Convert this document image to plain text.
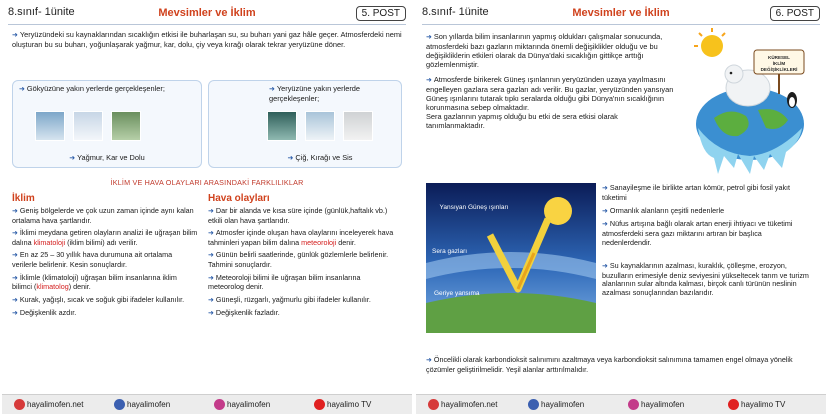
8.sınıf- 1ünite	Mevsimler ve İklim	5. POST

➜ Yeryüzündeki su kaynaklarından sıcaklığın etkisi ile buharlaşan su, su buharı yani gaz hâle geçer. Atmosferdeki nemi oluşturan bu su buharı, yoğunlaşarak yağmur, kar, dolu, çiy veya kırağı olarak tekrar yeryüzüne döner.

➜ Gökyüzüne yakın yerlerde gerçekleşenler;
➜ Yağmur, Kar ve Dolu
➜ Yeryüzüne yakın yerlerde gerçekleşenler;
➜ Çiğ, Kırağı ve Sis
İKLİM VE HAVA OLAYLARI ARASINDAKİ FARKLILIKLAR
İklim

➜ Geniş bölgelerde ve çok uzun zaman içinde aynı kalan ortalama hava şartlarıdır.

➜ İklimi meydana getiren olayların analizi ile uğraşan bilim dalına klimatoloji (iklim bilimi) adı verilir.

➜ En az 25 – 30 yıllık hava durumuna ait ortalama verilerle belirlenir. Kesin sonuçlardır.

➜ İklimle (klimatoloji) uğraşan bilim insanlarına iklim bilimci (klimatolog) denir.

➜ Kurak, yağışlı, sıcak ve soğuk gibi ifadeler kullanılır.

➜ Değişkenlik azdır.

Hava olayları

➜ Dar bir alanda ve kısa süre içinde (günlük,haftalık vb.) etkili olan hava şartlarıdır.

➜ Atmosfer içinde oluşan hava olaylarını inceleyerek hava tahminleri yapan bilim dalına meteoroloji denir.

➜ Günün belirli saatlerinde, günlük gözlemlerle belirlenir. Tahmini sonuçlardır.

➜ Meteoroloji bilimi ile uğraşan bilim insanlarına meteorolog denir.

➜ Güneşli, rüzgarlı, yağmurlu gibi ifadeler kullanılır.

➜ Değişkenlik fazladır.

hayalimofen.net	hayalimofen	hayalimofen	hayalimo TV
8.sınıf- 1ünite	Mevsimler ve İklim	6. POST

➜ Son yıllarda bilim insanlarının yapmış oldukları çalışmalar sonucunda, atmosferdeki bazı gazların miktarında önemli değişiklikler olduğu ve bu değişikliklerin etkileri olarak da Dünya'daki sıcaklığın gittikçe arttığı gözlemlenmiştir.

➜ Atmosferde birikerek Güneş ışınlarının yeryüzünden uzaya yayılmasını engelleyen gazlara sera gazları adı verilir. Bu gazlar, yeryüzünden yansıyan Güneş ışınlarını tutarak tıpkı seralarda olduğu gibi Dünya'nın sıcaklığının korunmasına sebep olmaktadır.

Sera gazlarının yapmış olduğu bu etki de sera etkisi olarak tanımlanmaktadır.

KÜRESEL
İKLİM
DEĞİŞİKLİKLERİ
Yansıyan Güneş ışınları
Sera gazları
Geriye yansıma

➜ Sanayileşme ile birlikte artan kömür, petrol gibi fosil yakıt tüketimi

➜ Ormanlık alanların çeşitli nedenlerle

➜ Nüfus artışına bağlı olarak artan enerji ihtiyacı ve tüketimi atmosferdeki sera gazı miktarını artıran bir başlıca nedenlerdendir.

➜ Su kaynaklarının azalması, kuraklık, çölleşme, erozyon, buzulların erimesiyle deniz seviyesini yükseltecek tarım ve turizm alanlarının sular altında kalması, birçok canlı türünün neslinin azalması sonuçlarından bazılarıdır.

➜ Öncelikli olarak karbondioksit salınımını azaltmaya veya karbondioksit salınımına tamamen engel olmaya yönelik çözümler geliştirilmelidir. Yeşil alanlar arttırılmalıdır.

hayalimofen.net	hayalimofen	hayalimofen	hayalimo TV
